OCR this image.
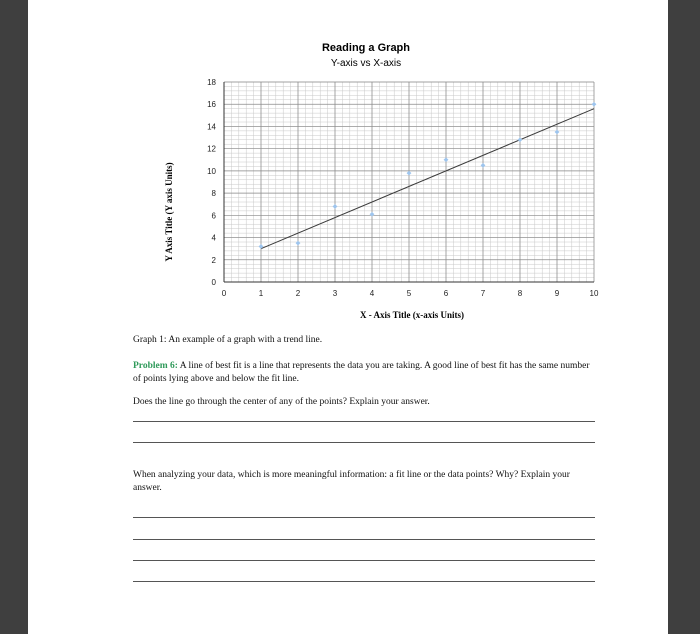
Reading a Graph
Y-axis vs X-axis
0
2
4
6
8
10
12
14
16
18
0	1	2	3	4	5	6	7	8	9	10
Y Axis Title (Y axis Units)
X - Axis Title (x-axis Units)
Graph 1: An example of a graph with a trend line.
Problem 6: A line of best fit is a line that represents the data you are taking. A good line of best fit has the same number of points lying above and below the fit line.
Does the line go through the center of any of the points? Explain your answer.
When analyzing your data, which is more meaningful information: a fit line or the data points? Why? Explain your answer.
